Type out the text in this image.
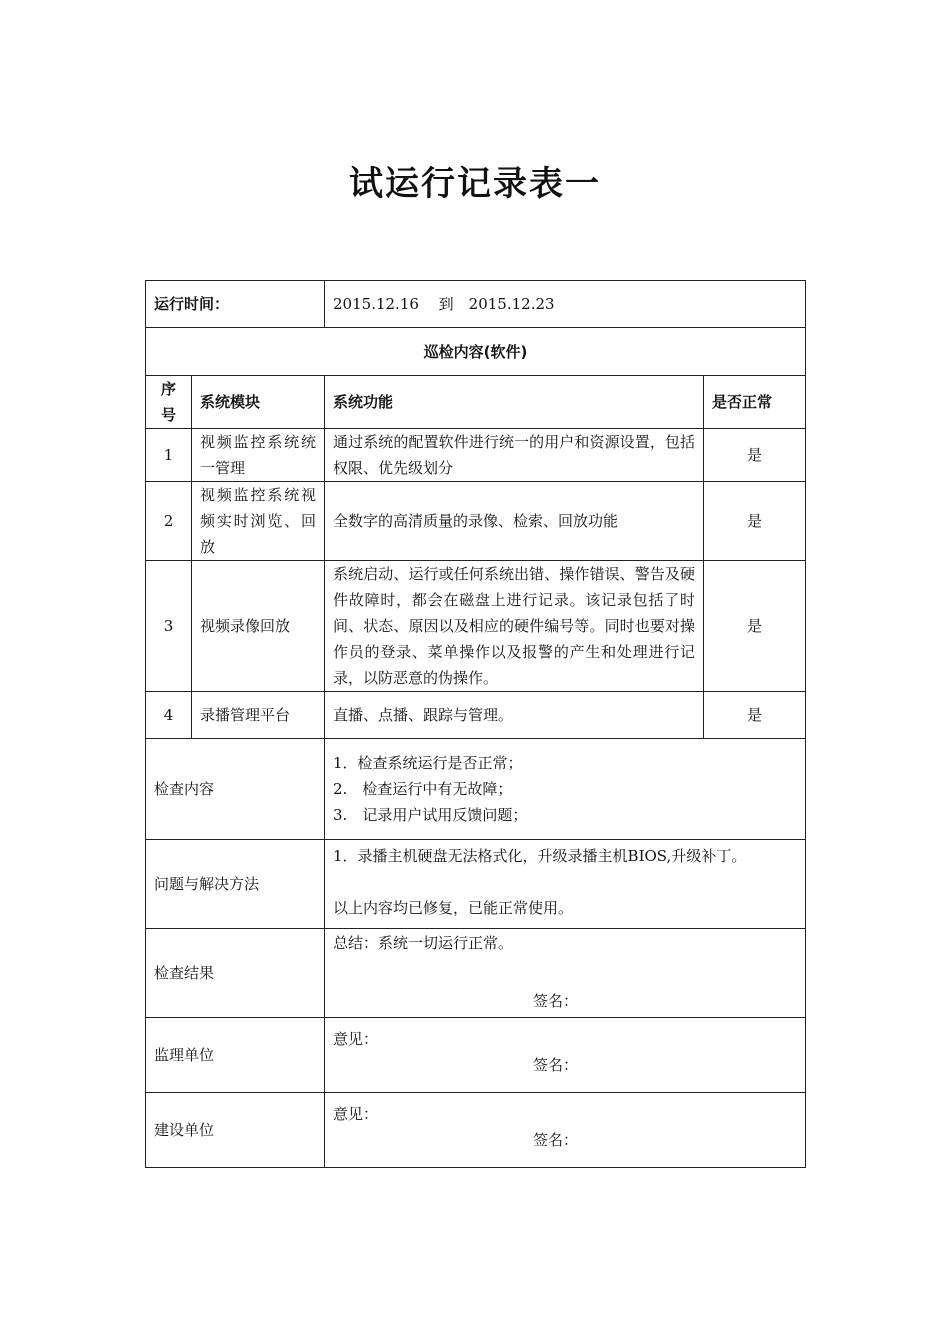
试运行记录表一
运行时间：		2015.12.16　 到　2015.12.23	
巡检内容(软件)			
序号	系统模块	系统功能	是否正常
1	视频监控系统统一管理	通过系统的配置软件进行统一的用户和资源设置，包括权限、优先级划分	是
2	视频监控系统视频实时浏览、回放	全数字的高清质量的录像、检索、回放功能	是
3	视频录像回放	系统启动、运行或任何系统出错、操作错误、警告及硬件故障时，都会在磁盘上进行记录。该记录包括了时间、状态、原因以及相应的硬件编号等。同时也要对操作员的登录、菜单操作以及报警的产生和处理进行记录，以防恶意的伪操作。	是
4	录播管理平台	直播、点播、跟踪与管理。	是
检查内容		1．检查系统运行是否正常；
2.　检查运行中有无故障；
3.　记录用户试用反馈问题；	

问题与解决方法		1．录播主机硬盘无法格式化，升级录播主机BIOS,升级补丁。
以上内容均已修复，已能正常使用。	

检查结果		总结：系统一切运行正常。
签名：	

监理单位		意见：
签名：	

建设单位		意见：
签名：	
